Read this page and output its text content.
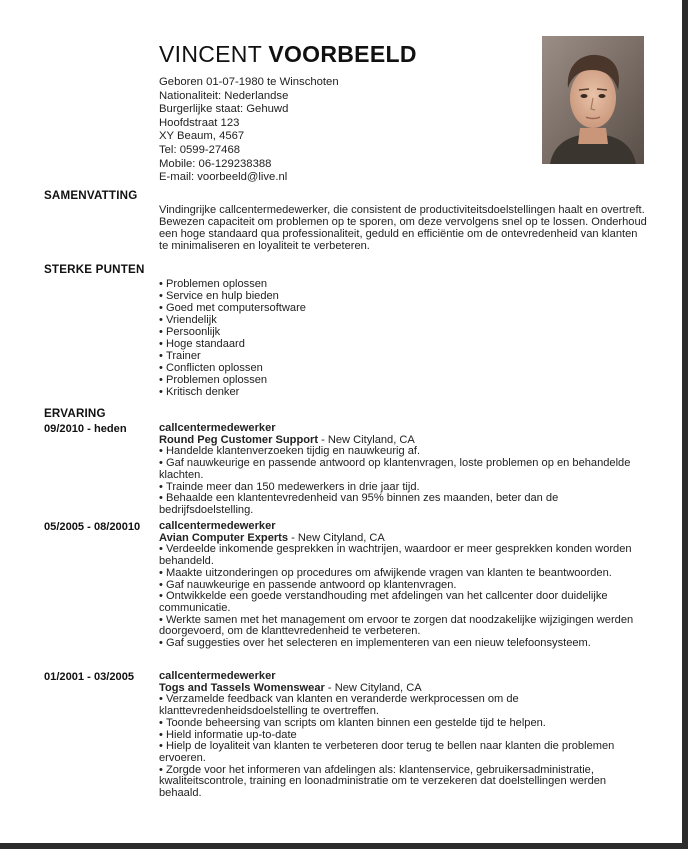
VINCENT VOORBEELD

Geboren 01-07-1980 te Winschoten

Nationaliteit: Nederlandse

Burgerlijke staat: Gehuwd

Hoofdstraat 123

XY Beaum, 4567

Tel: 0599-27468

Mobile: 06-129238388

E-mail: voorbeeld@live.nl

SAMENVATTING

Vindingrijke callcentermedewerker, die consistent de productiviteitsdoelstellingen haalt en overtreft. Bewezen capaciteit om problemen op te sporen, om deze vervolgens snel op te lossen. Onderhoud een hoge standaard qua professionaliteit, geduld en efficiëntie om de ontevredenheid van klanten te minimaliseren en loyaliteit te verbeteren.

STERKE PUNTEN
• Problemen oplossen
• Service en hulp bieden
• Goed met computersoftware
• Vriendelijk
• Persoonlijk
• Hoge standaard
• Trainer
• Conflicten oplossen
• Problemen oplossen
• Kritisch denker
ERVARING
09/2010 - heden	callcentermedewerker

Round Peg Customer Support - New Cityland, CA

• Handelde klantenverzoeken tijdig en nauwkeurig af.
• Gaf nauwkeurige en passende antwoord op klantenvragen, loste problemen op en behandelde klachten.
• Trainde meer dan 150 medewerkers in drie jaar tijd.
• Behaalde een klantentevredenheid van 95% binnen zes maanden, beter dan de bedrijfsdoelstelling.
05/2005 - 08/20010 callcentermedewerker

Avian Computer Experts - New Cityland, CA

• Verdeelde inkomende gesprekken in wachtrijen, waardoor er meer gesprekken konden worden behandeld.
• Maakte uitzonderingen op procedures om afwijkende vragen van klanten te beantwoorden.
• Gaf nauwkeurige en passende antwoord op klantenvragen.
• Ontwikkelde een goede verstandhouding met afdelingen van het callcenter door duidelijke communicatie.
• Werkte samen met het management om ervoor te zorgen dat noodzakelijke wijzigingen werden doorgevoerd, om de klanttevredenheid te verbeteren.
• Gaf suggesties over het selecteren en implementeren van een nieuw telefoonsysteem.
01/2001 - 03/2005 callcentermedewerker

Togs and Tassels Womenswear - New Cityland, CA

• Verzamelde feedback van klanten en veranderde werkprocessen om de klanttevredenheidsdoelstelling te overtreffen.
• Toonde beheersing van scripts om klanten binnen een gestelde tijd te helpen.
• Hield informatie up-to-date
• Hielp de loyaliteit van klanten te verbeteren door terug te bellen naar klanten die problemen ervoeren.
• Zorgde voor het informeren van afdelingen als: klantenservice, gebruikersadministratie, kwaliteitscontrole, training en loonadministratie om te verzekeren dat doelstellingen werden behaald.
